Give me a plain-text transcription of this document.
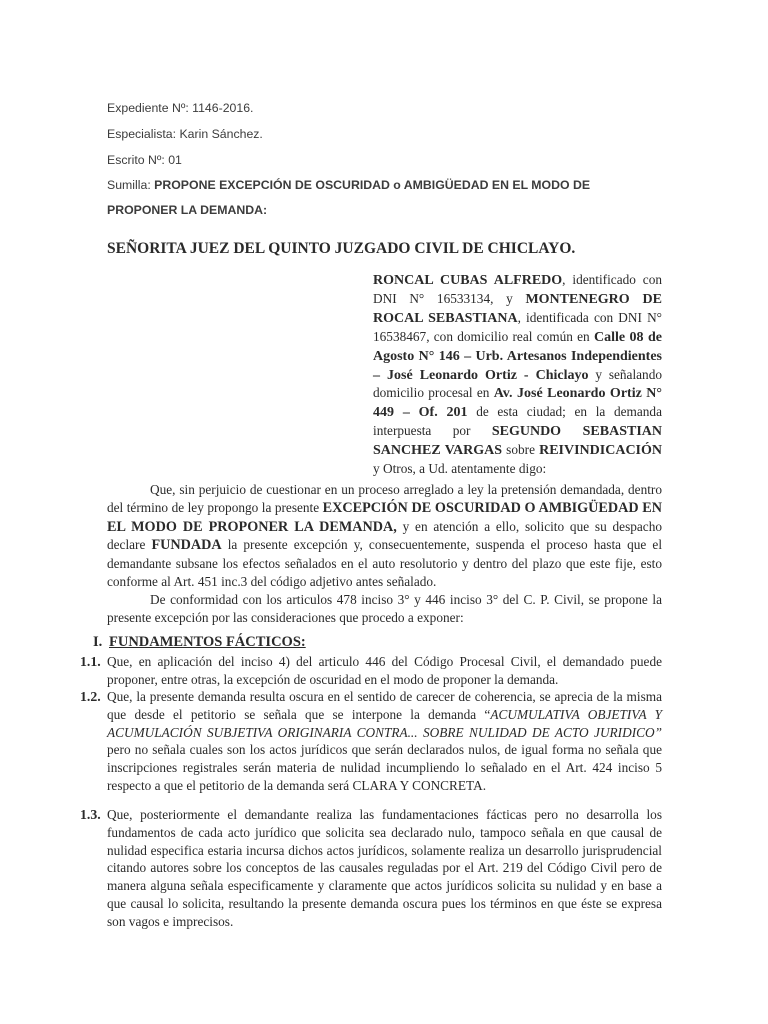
Expediente Nº: 1146-2016.
Especialista: Karin Sánchez.
Escrito Nº: 01
Sumilla: PROPONE EXCEPCIÓN DE OSCURIDAD o AMBIGÜEDAD EN EL MODO DE
PROPONER LA DEMANDA:
SEÑORITA JUEZ DEL QUINTO JUZGADO CIVIL DE CHICLAYO.
RONCAL CUBAS ALFREDO, identificado con DNI N° 16533134, y MONTENEGRO DE ROCAL SEBASTIANA, identificada con DNI N° 16538467, con domicilio real común en Calle 08 de Agosto N° 146 – Urb. Artesanos Independientes – José Leonardo Ortiz - Chiclayo y señalando domicilio procesal en Av. José Leonardo Ortiz N° 449 – Of. 201 de esta ciudad; en la demanda interpuesta por SEGUNDO SEBASTIAN SANCHEZ VARGAS sobre REIVINDICACIÓN y Otros, a Ud. atentamente digo:

Que, sin perjuicio de cuestionar en un proceso arreglado a ley la pretensión demandada, dentro del término de ley propongo la presente EXCEPCIÓN DE OSCURIDAD O AMBIGÜEDAD EN EL MODO DE PROPONER LA DEMANDA, y en atención a ello, solicito que su despacho declare FUNDADA la presente excepción y, consecuentemente, suspenda el proceso hasta que el demandante subsane los efectos señalados en el auto resolutorio y dentro del plazo que este fije, esto conforme al Art. 451 inc.3 del código adjetivo antes señalado.

De conformidad con los articulos 478 inciso 3° y 446 inciso 3° del C. P. Civil, se propone la presente excepción por las consideraciones que procedo a exponer:

I. FUNDAMENTOS FÁCTICOS:
1.1. Que, en aplicación del inciso 4) del articulo 446 del Código Procesal Civil, el demandado puede proponer, entre otras, la excepción de oscuridad en el modo de proponer la demanda.

1.2. Que, la presente demanda resulta oscura en el sentido de carecer de coherencia, se aprecia de la misma que desde el petitorio se señala que se interpone la demanda “ACUMULATIVA OBJETIVA Y ACUMULACIÓN SUBJETIVA ORIGINARIA CONTRA... SOBRE NULIDAD DE ACTO JURIDICO” pero no señala cuales son los actos jurídicos que serán declarados nulos, de igual forma no señala que inscripciones registrales serán materia de nulidad incumpliendo lo señalado en el Art. 424 inciso 5 respecto a que el petitorio de la demanda será CLARA Y CONCRETA.

1.3. Que, posteriormente el demandante realiza las fundamentaciones fácticas pero no desarrolla los fundamentos de cada acto jurídico que solicita sea declarado nulo, tampoco señala en que causal de nulidad especifica estaria incursa dichos actos jurídicos, solamente realiza un desarrollo jurisprudencial citando autores sobre los conceptos de las causales reguladas por el Art. 219 del Código Civil pero de manera alguna señala especificamente y claramente que actos jurídicos solicita su nulidad y en base a que causal lo solicita, resultando la presente demanda oscura pues los términos en que éste se expresa son vagos e imprecisos.
